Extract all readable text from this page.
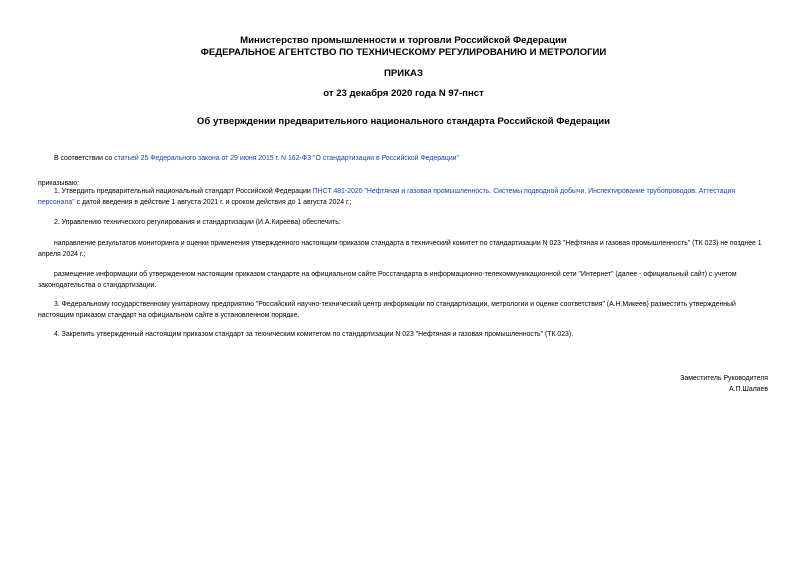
Министерство промышленности и торговли Российской Федерации
ФЕДЕРАЛЬНОЕ АГЕНТСТВО ПО ТЕХНИЧЕСКОМУ РЕГУЛИРОВАНИЮ И МЕТРОЛОГИИ
ПРИКАЗ
от 23 декабря 2020 года N 97-пнст
Об утверждении предварительного национального стандарта Российской Федерации
В соответствии со статьей 25 Федерального закона от 29 июня 2015 г. N 162-ФЗ "О стандартизации в Российской Федерации"
приказываю:
1. Утвердить предварительный национальный стандарт Российской Федерации ПНСТ 481-2020 "Нефтяная и газовая промышленность. Системы подводной добычи. Инспектирование трубопроводов. Аттестация персонала" с датой введения в действие 1 августа 2021 г. и сроком действия до 1 августа 2024 г.;
2. Управлению технического регулирования и стандартизации (И.А.Киреева) обеспечить:
направление результатов мониторинга и оценки применения утвержденного настоящим приказом стандарта в технический комитет по стандартизации N 023 "Нефтяная и газовая промышленность" (ТК 023) не позднее 1 апреля 2024 г.;
размещение информации об утвержденном настоящим приказом стандарте на официальном сайте Росстандарта в информационно-телекоммуникационной сети "Интернет" (далее - официальный сайт) с учетом законодательства о стандартизации.
3. Федеральному государственному унитарному предприятию "Российский научно-технический центр информации по стандартизации, метрологии и оценке соответствия" (А.Н.Микеев) разместить утвержденный настоящим приказом стандарт на официальном сайте в установленном порядке.
4. Закрепить утвержденный настоящим приказом стандарт за техническим комитетом по стандартизации N 023 "Нефтяная и газовая промышленность" (ТК 023).
Заместитель Руководителя
А.П.Шалаев
